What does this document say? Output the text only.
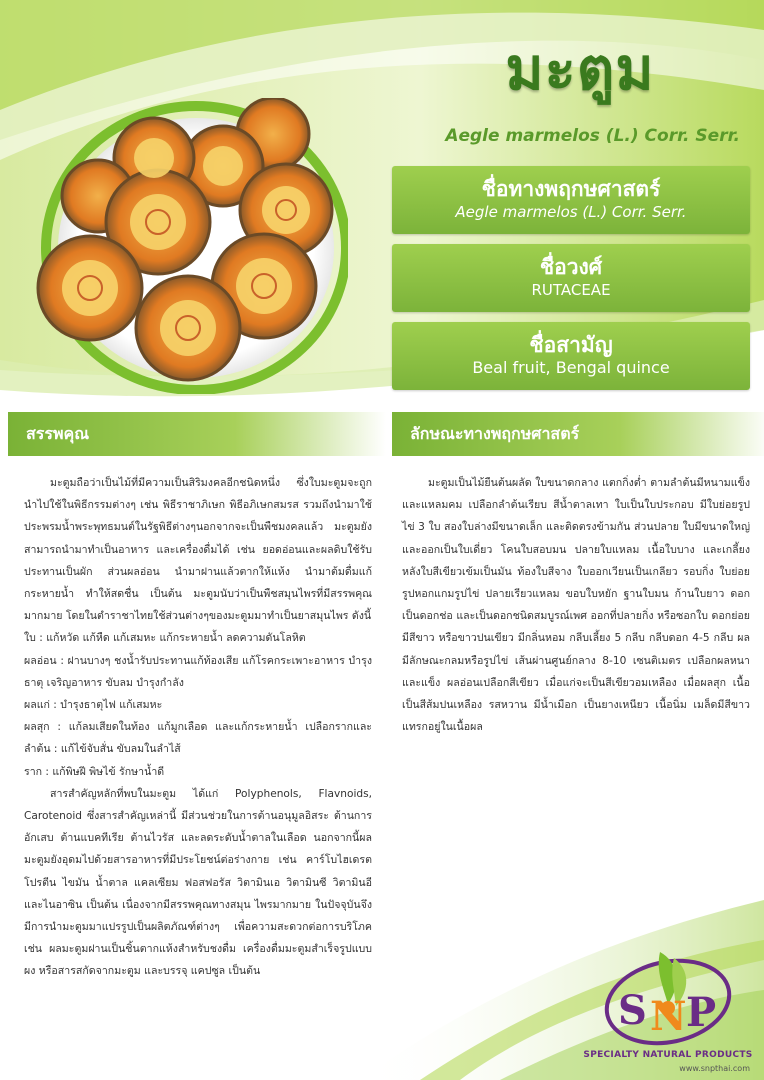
มะตูม
Aegle marmelos (L.) Corr. Serr.
ชื่อทางพฤกษศาสตร์
Aegle marmelos (L.) Corr. Serr.
ชื่อวงศ์
RUTACEAE
ชื่อสามัญ
Beal fruit, Bengal quince
สรรพคุณ	ลักษณะทางพฤกษศาสตร์

มะตูมถือว่าเป็นไม้ที่มีความเป็นสิริมงคลอีกชนิดหนึ่ง ซึ่งใบมะตูมจะถูกนำไปใช้ในพิธีกรรมต่างๆ เช่น พิธีราชาภิเษก พิธีอภิเษกสมรส รวมถึงนำมาใช้ประพรมน้ำพระพุทธมนต์ในรัฐพิธีต่างๆนอกจากจะเป็นพืชมงคลแล้ว มะตูมยังสามารถนำมาทำเป็นอาหาร และเครื่องดื่มได้ เช่น ยอดอ่อนและผลดิบใช้รับประทานเป็นผัก ส่วนผลอ่อน นำมาฝานแล้วตากให้แห้ง นำมาต้มดื่มแก้กระหายน้ำ ทำให้สดชื่น เป็นต้น มะตูมนับว่าเป็นพืชสมุนไพรที่มีสรรพคุณมากมาย โดยในตำราชาไทยใช้ส่วนต่างๆของมะตูมมาทำเป็นยาสมุนไพร ดังนี้

ใบ : แก้หวัด แก้หืด แก้เสมหะ แก้กระหายน้ำ ลดความดันโลหิต

ผลอ่อน : ฝานบางๆ ชงน้ำรับประทานแก้ท้องเสีย แก้โรคกระเพาะอาหาร บำรุงธาตุ เจริญอาหาร ขับลม บำรุงกำลัง

ผลแก่ : บำรุงธาตุไฟ แก้เสมหะ

ผลสุก : แก้ลมเสียดในท้อง แก้มูกเลือด และแก้กระหายน้ำ เปลือกรากและลำต้น : แก้ไข้จับสั่น ขับลมในลำไส้

ราก : แก้พิษฝี พิษไข้ รักษาน้ำดี

สารสำคัญหลักที่พบในมะตูม ได้แก่ Polyphenols, Flavnoids, Carotenoid ซึ่งสารสำคัญเหล่านี้ มีส่วนช่วยในการต้านอนุมูลอิสระ ต้านการอักเสบ ต้านแบคทีเรีย ต้านไวรัส และลดระดับน้ำตาลในเลือด นอกจากนี้ผลมะตูมยังอุดมไปด้วยสารอาหารที่มีประโยชน์ต่อร่างกาย เช่น คาร์โบไฮเดรต โปรตีน ไขมัน น้ำตาล แคลเซียม ฟอสฟอรัส วิตามินเอ วิตามินซี วิตามินอี และไนอาซิน เป็นต้น เนื่องจากมีสรรพคุณทางสมุน ไพรมากมาย ในปัจจุบันจึงมีการนำมะตูมมาแปรรูปเป็นผลิตภัณฑ์ต่างๆ เพื่อความสะดวกต่อการบริโภค เช่น ผลมะตูมฝานเป็นชิ้นตากแห้งสำหรับชงดื่ม เครื่องดื่มมะตูมสำเร็จรูปแบบผง หรือสารสกัดจากมะตูม และบรรจุ แคปซูล เป็นต้น

มะตูมเป็นไม้ยืนต้นผลัด ใบขนาดกลาง แตกกิ่งต่ำ ตามลำต้นมีหนามแข็ง และแหลมคม เปลือกลำต้นเรียบ สีน้ำตาลเทา ใบเป็นใบประกอบ มีใบย่อยรูปไข่ 3 ใบ สองใบล่างมีขนาดเล็ก และติดตรงข้ามกัน ส่วนปลาย ใบมีขนาดใหญ่ และออกเป็นใบเดี่ยว โคนใบสอบมน ปลายใบแหลม เนื้อใบบาง และเกลี้ยง หลังใบสีเขียวเข้มเป็นมัน ท้องใบสีจาง ใบออกเวียนเป็นเกลียว รอบกิ่ง ใบย่อยรูปหอกแกมรูปไข่ ปลายเรียวแหลม ขอบใบหยัก ฐานใบมน ก้านใบยาว ดอก เป็นดอกช่อ และเป็นดอกชนิดสมบูรณ์เพศ ออกที่ปลายกิ่ง หรือซอกใบ ดอกย่อยมีสีขาว หรือขาวปนเขียว มีกลิ่นหอม กลีบเลี้ยง 5 กลีบ กลีบดอก 4-5 กลีบ ผลมีลักษณะกลมหรือรูปไข่ เส้นผ่านศูนย์กลาง 8-10 เซนติเมตร เปลือกผลหนาและแข็ง ผลอ่อนเปลือกสีเขียว เมื่อแก่จะเป็นสีเขียวอมเหลือง เมื่อผลสุก เนื้อเป็นสีส้มปนเหลือง รสหวาน มีน้ำเมือก เป็นยางเหนียว เนื้อนิ่ม เมล็ดมีสีขาวแทรกอยู่ในเนื้อผล

S N P
SPECIALTY NATURAL PRODUCTS
www.snpthai.com
